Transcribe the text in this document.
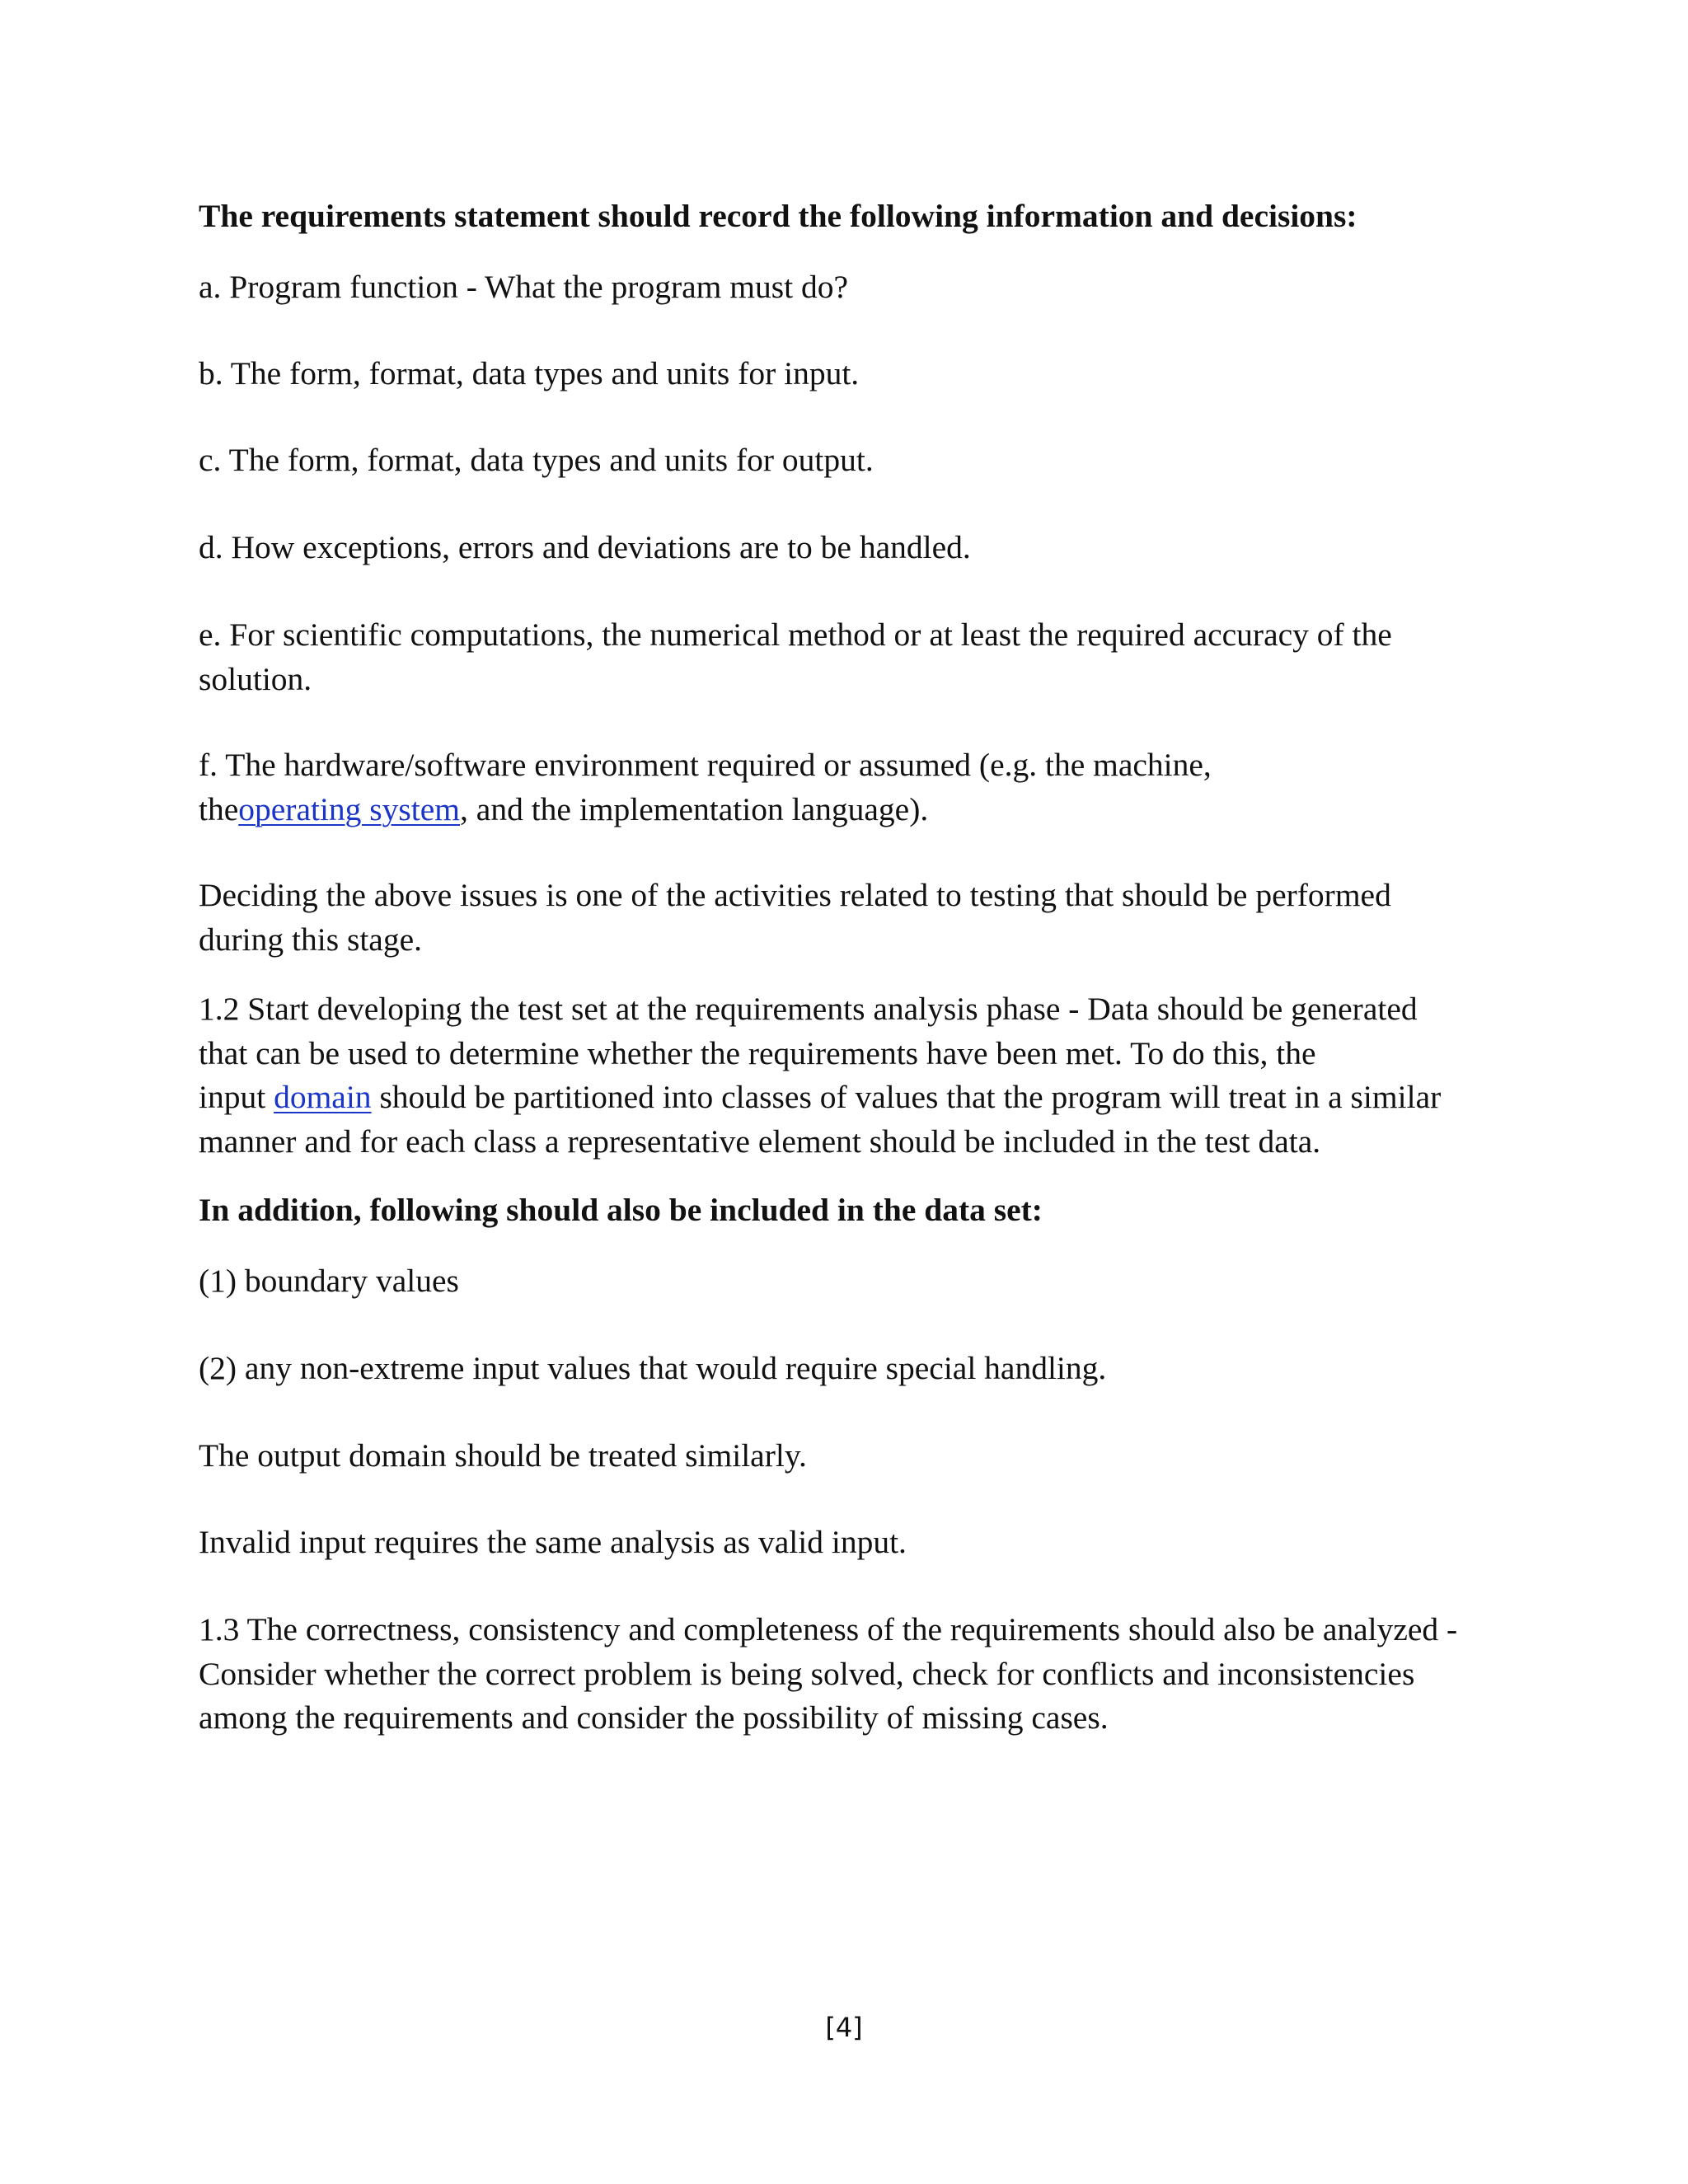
The requirements statement should record the following information and decisions:

a. Program function - What the program must do?

b. The form, format, data types and units for input.

c. The form, format, data types and units for output.

d. How exceptions, errors and deviations are to be handled.

e. For scientific computations, the numerical method or at least the required accuracy of the
solution.

f. The hardware/software environment required or assumed (e.g. the machine,
theoperating system, and the implementation language).

Deciding the above issues is one of the activities related to testing that should be performed
during this stage.

1.2 Start developing the test set at the requirements analysis phase - Data should be generated
that can be used to determine whether the requirements have been met. To do this, the
input domain should be partitioned into classes of values that the program will treat in a similar
manner and for each class a representative element should be included in the test data.

In addition, following should also be included in the data set:

(1) boundary values

(2) any non-extreme input values that would require special handling.

The output domain should be treated similarly.

Invalid input requires the same analysis as valid input.

1.3 The correctness, consistency and completeness of the requirements should also be analyzed -
Consider whether the correct problem is being solved, check for conflicts and inconsistencies
among the requirements and consider the possibility of missing cases.

[4]
